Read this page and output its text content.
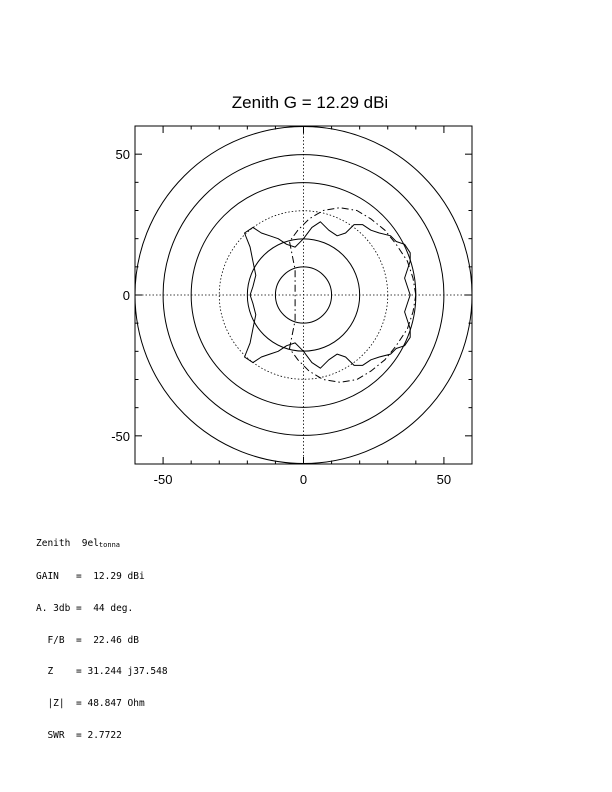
Zenith G = 12.29 dBi
-50	0	50
50
0
-50

Zenith  $9el_{tonna}$

GAIN   =  12.29 dBi

A. 3db =  44 deg.

F/B  =  22.46 dB

Z    = 31.244 j37.548

|Z|  = 48.847 Ohm

SWR  = 2.7722
